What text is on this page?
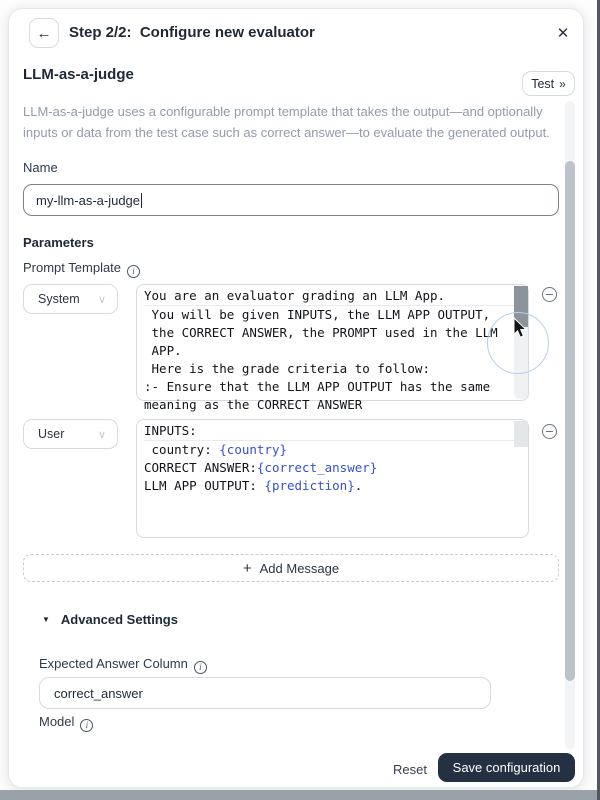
← Step 2/2:  Configure new evaluator	✕
LLM-as-a-judge
Test »
LLM-as-a-judge uses a configurable prompt template that takes the output—and optionally inputs or data from the test case such as correct answer—to evaluate the generated output.
Name
my-llm-as-a-judge
Parameters
Prompt Template i
System ∨	You are an evaluator grading an LLM App.
You will be given INPUTS, the LLM APP OUTPUT,
the CORRECT ANSWER, the PROMPT used in the LLM
APP.
Here is the grade criteria to follow:
:- Ensure that the LLM APP OUTPUT has the same
meaning as the CORRECT ANSWER
User	∨	INPUTS:
country: {country}
CORRECT ANSWER:{correct_answer}
LLM APP OUTPUT: {prediction}.
+ Add Message
▼ Advanced Settings
Expected Answer Column i
correct_answer
Model i
Reset	Save configuration
